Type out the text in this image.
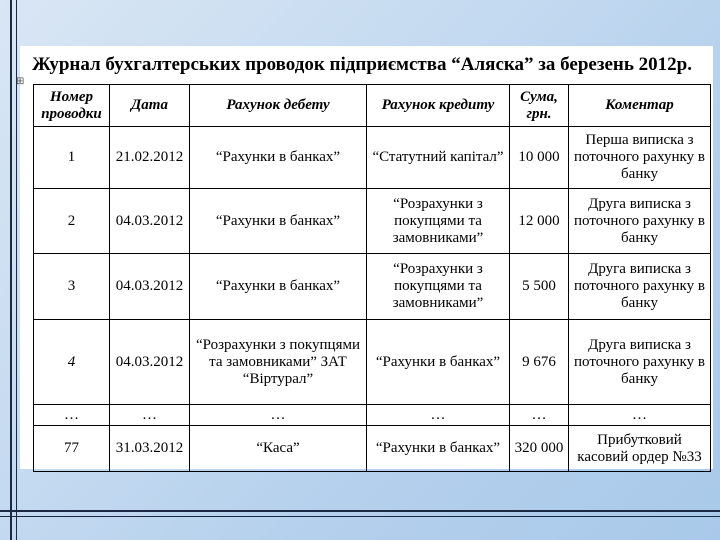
Журнал бухгалтерських проводок підприємства “Аляска” за березень 2012р.
⊞
Номер проводки	Дата	Рахунок дебету	Рахунок кредиту	Сума, грн.	Коментар
1	21.02.2012	“Рахунки в банках”	“Статутний капітал”	10 000	Перша виписка з поточного рахунку в банку
2	04.03.2012	“Рахунки в банках”	“Розрахунки з покупцями та замовниками”	12 000	Друга виписка з поточного рахунку в банку
3	04.03.2012	“Рахунки в банках”	“Розрахунки з покупцями та замовниками”	5 500	Друга виписка з поточного рахунку в банку
4	04.03.2012	“Розрахунки з покупцями та замовниками” ЗАТ “Віртурал”	“Рахунки в банках”	9 676	Друга виписка з поточного рахунку в банку
…	…	…	…	…	…
77	31.03.2012	“Каса”	“Рахунки в банках”	320 000	Прибутковий касовий ордер №33
